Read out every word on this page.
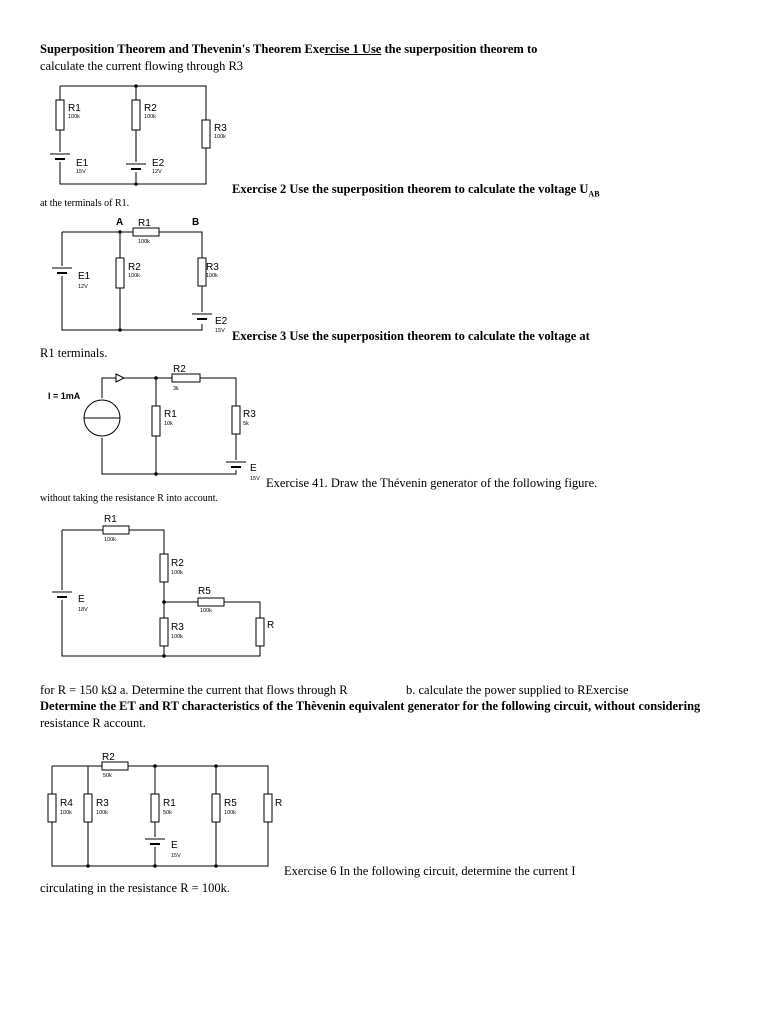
Superposition Theorem and Thevenin's Theorem Exercise 1 Use the superposition theorem to
calculate the current flowing through R3
R1
100k
R2
100k
R3
100k
E1
15V
E2
12V
Exercise 2 Use the superposition theorem to calculate the voltage $U_{AB}$
at the terminals of R1.
A	B
R1
100k
R2
100k
R3
100k
E1
12V
E2
15V Exercise 3 Use the superposition theorem to calculate the voltage at
R1 terminals.
I = 1mA
R2
3k
R1
10k
R3
5k
E
15V Exercise 41. Draw the Thévenin generator of the following figure.
without taking the resistance R into account.
R1
100k
R2
100k
R3
100k
R5
100k
R
E
18V
for R = 150 kΩ a. Determine the current that flows through R	b. calculate the power supplied to RExercise
Determine the ET and RT characteristics of the Thèvenin equivalent generator for the following circuit, without considering
resistance R account.
R2
50k
R4
100k
R3
100k
R1
50k
R5
100k
R
E
15V
Exercise 6 In the following circuit, determine the current I
circulating in the resistance R = 100k.
